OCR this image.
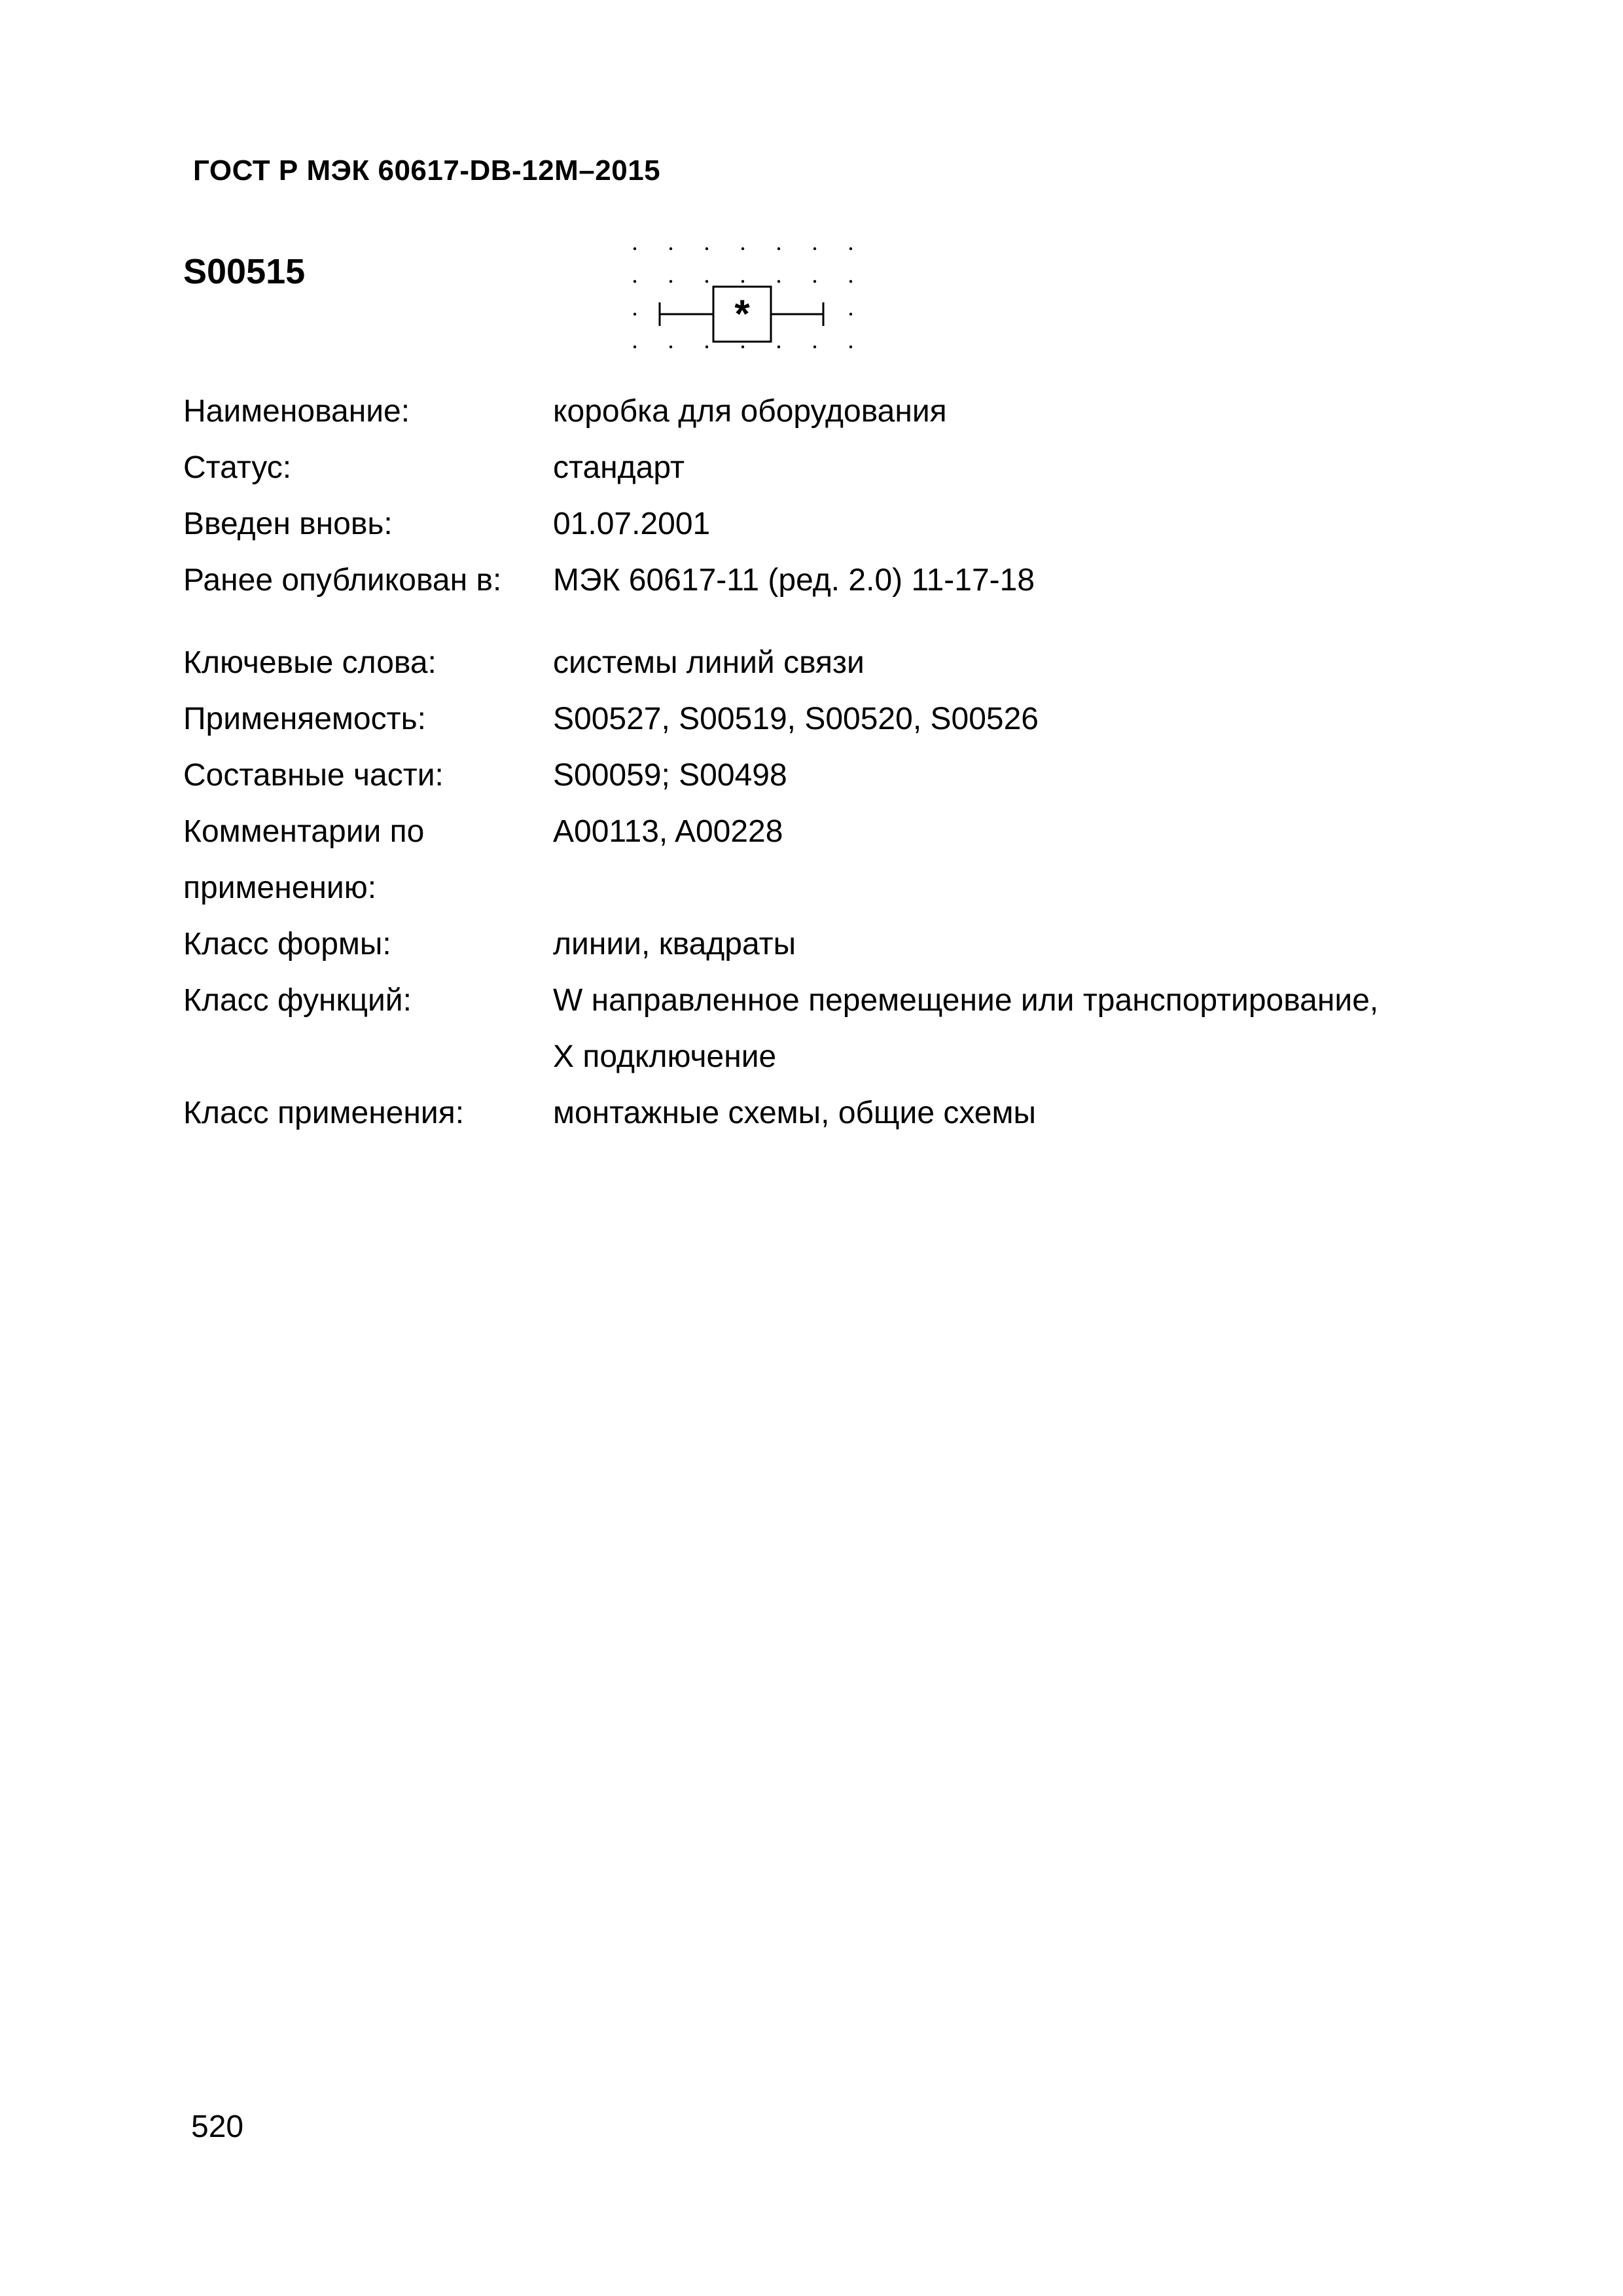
ГОСТ Р МЭК 60617-DB-12M–2015
S00515
*
Наименование:	коробка для оборудования
Статус:	стандарт
Введен вновь:	01.07.2001
Ранее опубликован в:	МЭК 60617-11 (ред. 2.0) 11-17-18
Ключевые слова:	системы линий связи
Применяемость:	S00527, S00519, S00520, S00526
Составные части:	S00059; S00498
Комментарии по	A00113, A00228
применению:
Класс формы:	линии, квадраты
Класс функций:	W направленное перемещение или транспортирование,
X подключение
Класс применения:	монтажные схемы, общие схемы
520
